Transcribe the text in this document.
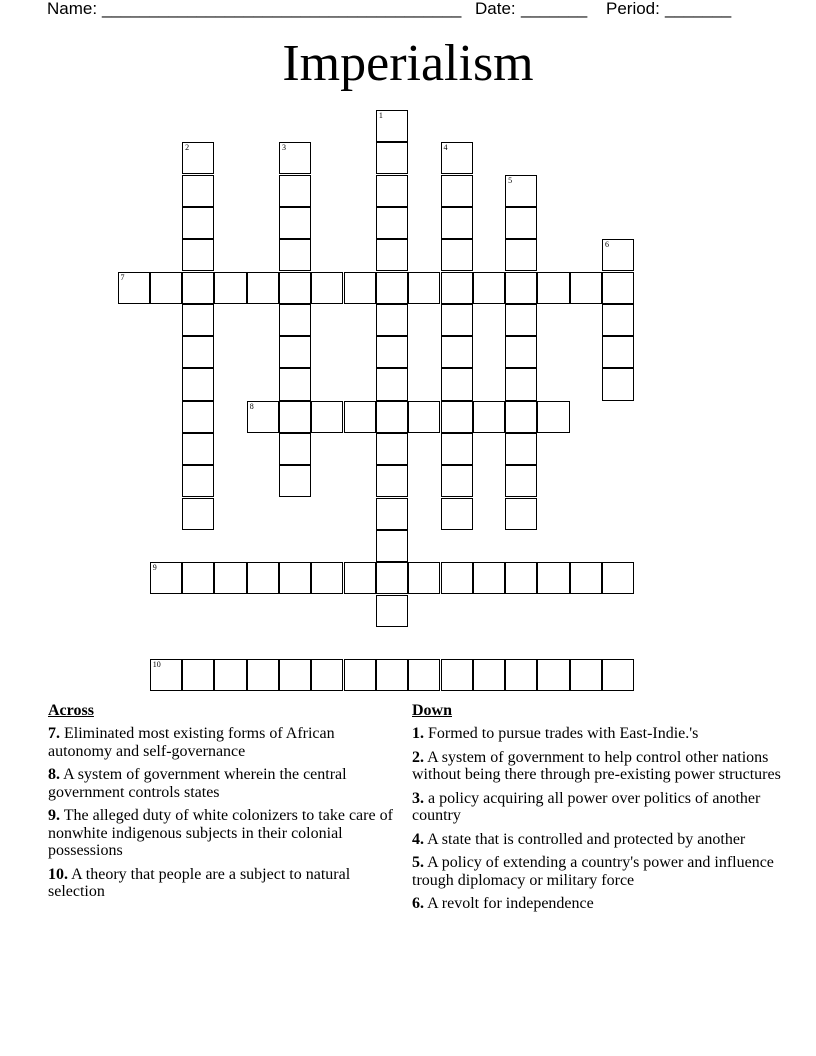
Name: ______________________________________ Date: _______ Period: _______
Imperialism
1
2	3	4
5
6
7
8
9
10
Across
7. Eliminated most existing forms of African autonomy and self-governance
8. A system of government wherein the central government controls states
9. The alleged duty of white colonizers to take care of nonwhite indigenous subjects in their colonial possessions
10. A theory that people are a subject to natural selection
Down
1. Formed to pursue trades with East-Indie.'s
2. A system of government to help control other nations without being there through pre-existing power structures
3. a policy acquiring all power over politics of another country
4. A state that is controlled and protected by another
5. A policy of extending a country's power and influence trough diplomacy or military force
6. A revolt for independence
